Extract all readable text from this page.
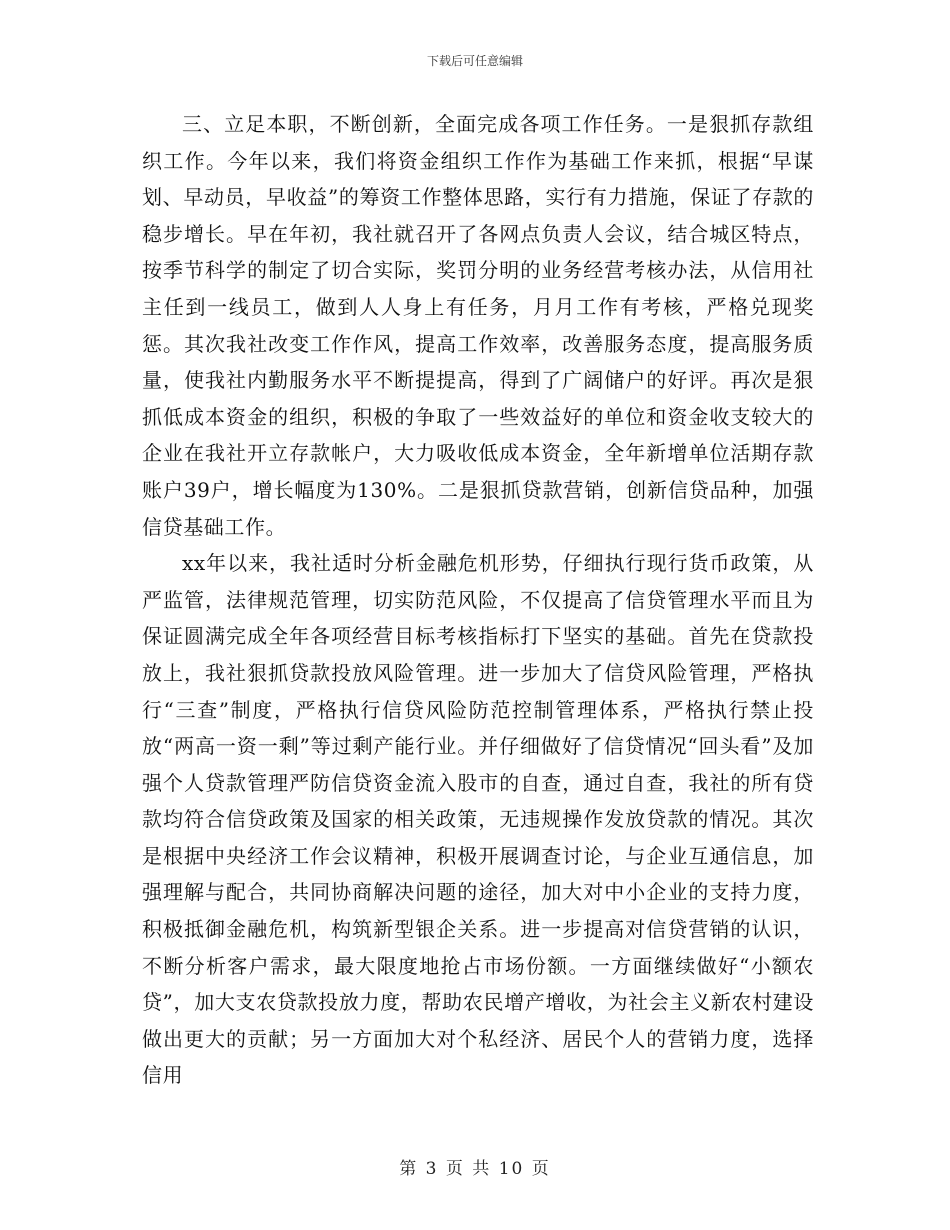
下载后可任意编辑

三、立足本职，不断创新，全面完成各项工作任务。一是狠抓存款组织工作。今年以来，我们将资金组织工作作为基础工作来抓，根据“早谋划、早动员，早收益”的筹资工作整体思路，实行有力措施，保证了存款的稳步增长。早在年初，我社就召开了各网点负责人会议，结合城区特点，按季节科学的制定了切合实际，奖罚分明的业务经营考核办法，从信用社主任到一线员工，做到人人身上有任务，月月工作有考核，严格兑现奖惩。其次我社改变工作作风，提高工作效率，改善服务态度，提高服务质量，使我社内勤服务水平不断提提高，得到了广阔储户的好评。再次是狠抓低成本资金的组织，积极的争取了一些效益好的单位和资金收支较大的企业在我社开立存款帐户，大力吸收低成本资金，全年新增单位活期存款账户39户，增长幅度为130%。二是狠抓贷款营销，创新信贷品种，加强信贷基础工作。

xx年以来，我社适时分析金融危机形势，仔细执行现行货币政策，从严监管，法律规范管理，切实防范风险，不仅提高了信贷管理水平而且为保证圆满完成全年各项经营目标考核指标打下坚实的基础。首先在贷款投放上，我社狠抓贷款投放风险管理。进一步加大了信贷风险管理，严格执行“三查”制度，严格执行信贷风险防范控制管理体系，严格执行禁止投放“两高一资一剩”等过剩产能行业。并仔细做好了信贷情况“回头看”及加强个人贷款管理严防信贷资金流入股市的自查，通过自查，我社的所有贷款均符合信贷政策及国家的相关政策，无违规操作发放贷款的情况。其次是根据中央经济工作会议精神，积极开展调查讨论，与企业互通信息，加强理解与配合，共同协商解决问题的途径，加大对中小企业的支持力度，积极抵御金融危机，构筑新型银企关系。进一步提高对信贷营销的认识，不断分析客户需求，最大限度地抢占市场份额。一方面继续做好“小额农贷”，加大支农贷款投放力度，帮助农民增产增收，为社会主义新农村建设做出更大的贡献；另一方面加大对个私经济、居民个人的营销力度，选择信用

第 3 页 共 10 页
